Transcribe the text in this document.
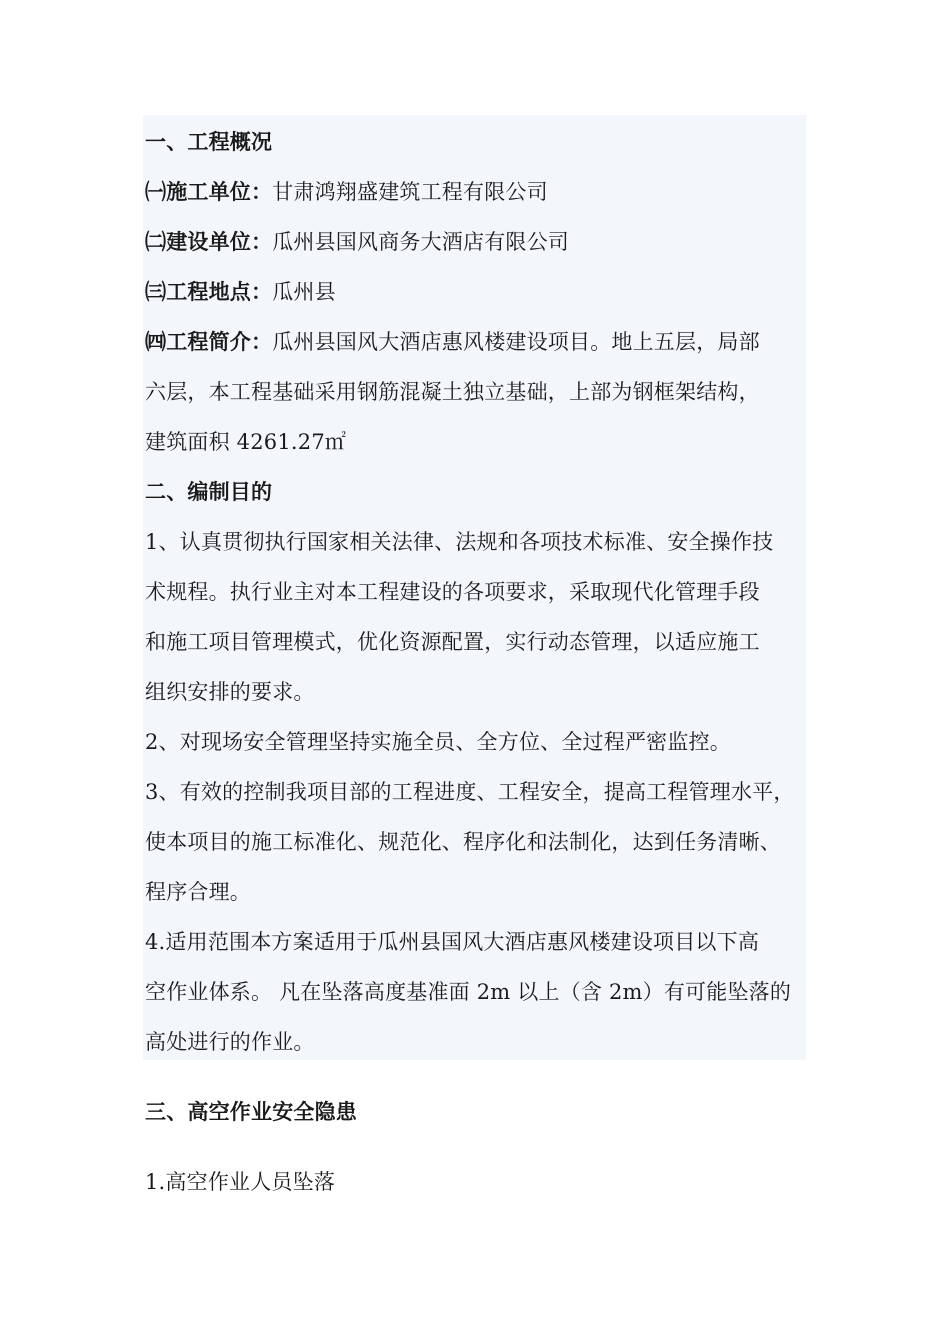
一、工程概况
㈠施工单位：甘肃鸿翔盛建筑工程有限公司
㈡建设单位：瓜州县国风商务大酒店有限公司
㈢工程地点：瓜州县
㈣工程简介：瓜州县国风大酒店惠风楼建设项目。地上五层，局部
六层，本工程基础采用钢筋混凝土独立基础，上部为钢框架结构，
建筑面积 4261.27㎡
二、编制目的
1、认真贯彻执行国家相关法律、法规和各项技术标准、安全操作技
术规程。执行业主对本工程建设的各项要求，采取现代化管理手段
和施工项目管理模式，优化资源配置，实行动态管理，以适应施工
组织安排的要求。
2、对现场安全管理坚持实施全员、全方位、全过程严密监控。
3、有效的控制我项目部的工程进度、工程安全，提高工程管理水平，
使本项目的施工标准化、规范化、程序化和法制化，达到任务清晰、
程序合理。
4.适用范围本方案适用于瓜州县国风大酒店惠风楼建设项目以下高
空作业体系。 凡在坠落高度基准面 2m 以上（含 2m）有可能坠落的
高处进行的作业。
三、高空作业安全隐患
1.高空作业人员坠落
